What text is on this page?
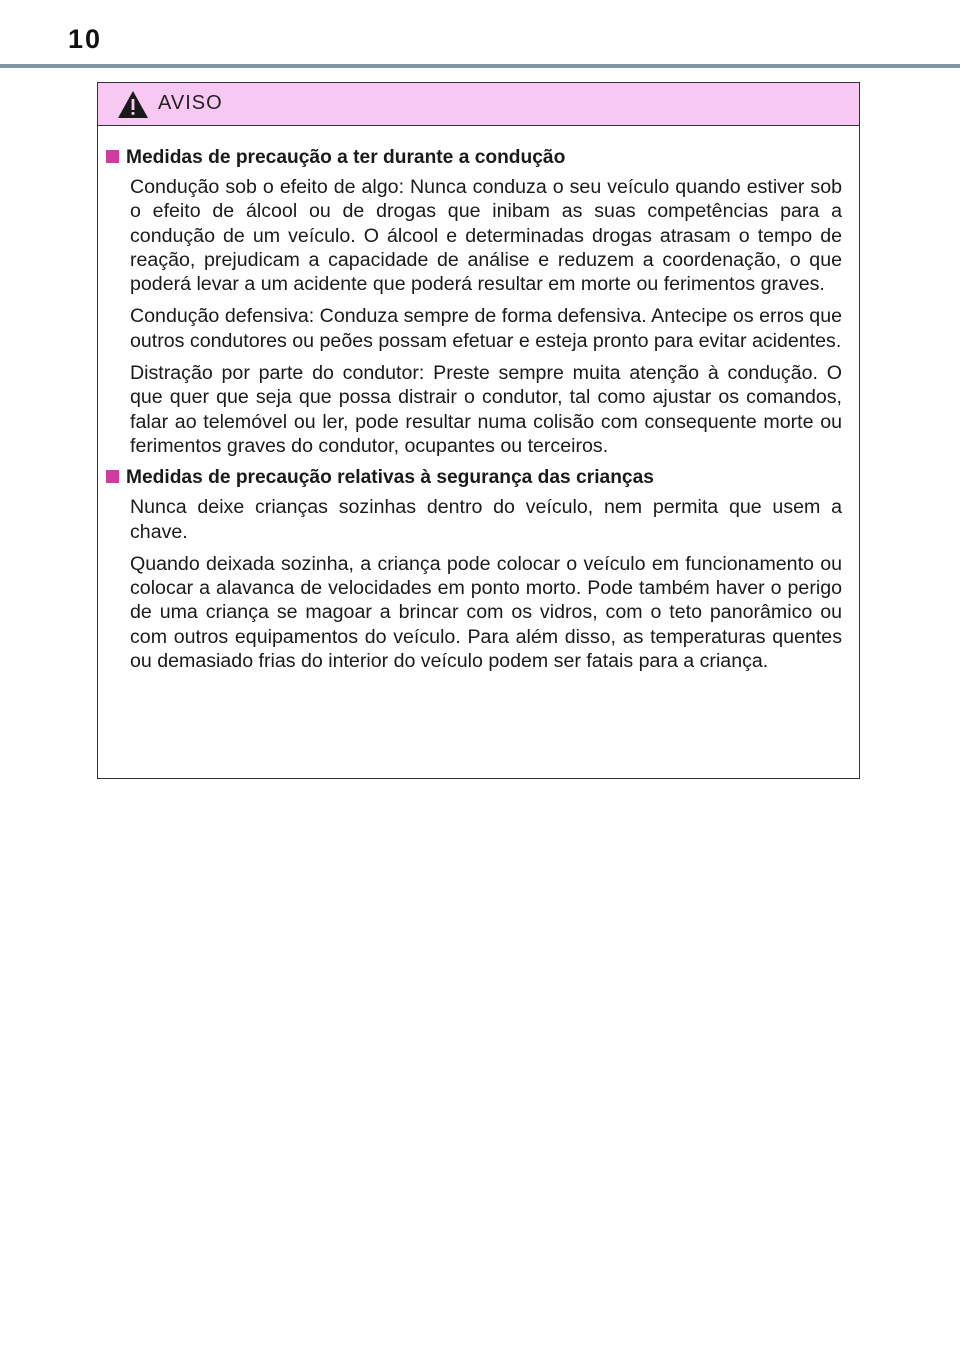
10
AVISO
Medidas de precaução a ter durante a condução

Condução sob o efeito de algo: Nunca conduza o seu veículo quando estiver sob o efeito de álcool ou de drogas que inibam as suas competências para a condução de um veículo. O álcool e determinadas drogas atrasam o tempo de reação, prejudicam a capacidade de análise e reduzem a coordenação, o que poderá levar a um acidente que poderá resultar em morte ou ferimentos graves.

Condução defensiva: Conduza sempre de forma defensiva. Antecipe os erros que outros condutores ou peões possam efetuar e esteja pronto para evitar acidentes.

Distração por parte do condutor: Preste sempre muita atenção à condução. O que quer que seja que possa distrair o condutor, tal como ajustar os comandos, falar ao telemóvel ou ler, pode resultar numa colisão com consequente morte ou ferimentos graves do condutor, ocupantes ou terceiros.

Medidas de precaução relativas à segurança das crianças

Nunca deixe crianças sozinhas dentro do veículo, nem permita que usem a chave.

Quando deixada sozinha, a criança pode colocar o veículo em funcionamento ou colocar a alavanca de velocidades em ponto morto. Pode também haver o perigo de uma criança se magoar a brincar com os vidros, com o teto panorâmico ou com outros equipamentos do veículo. Para além disso, as temperaturas quentes ou demasiado frias do interior do veículo podem ser fatais para a criança.
